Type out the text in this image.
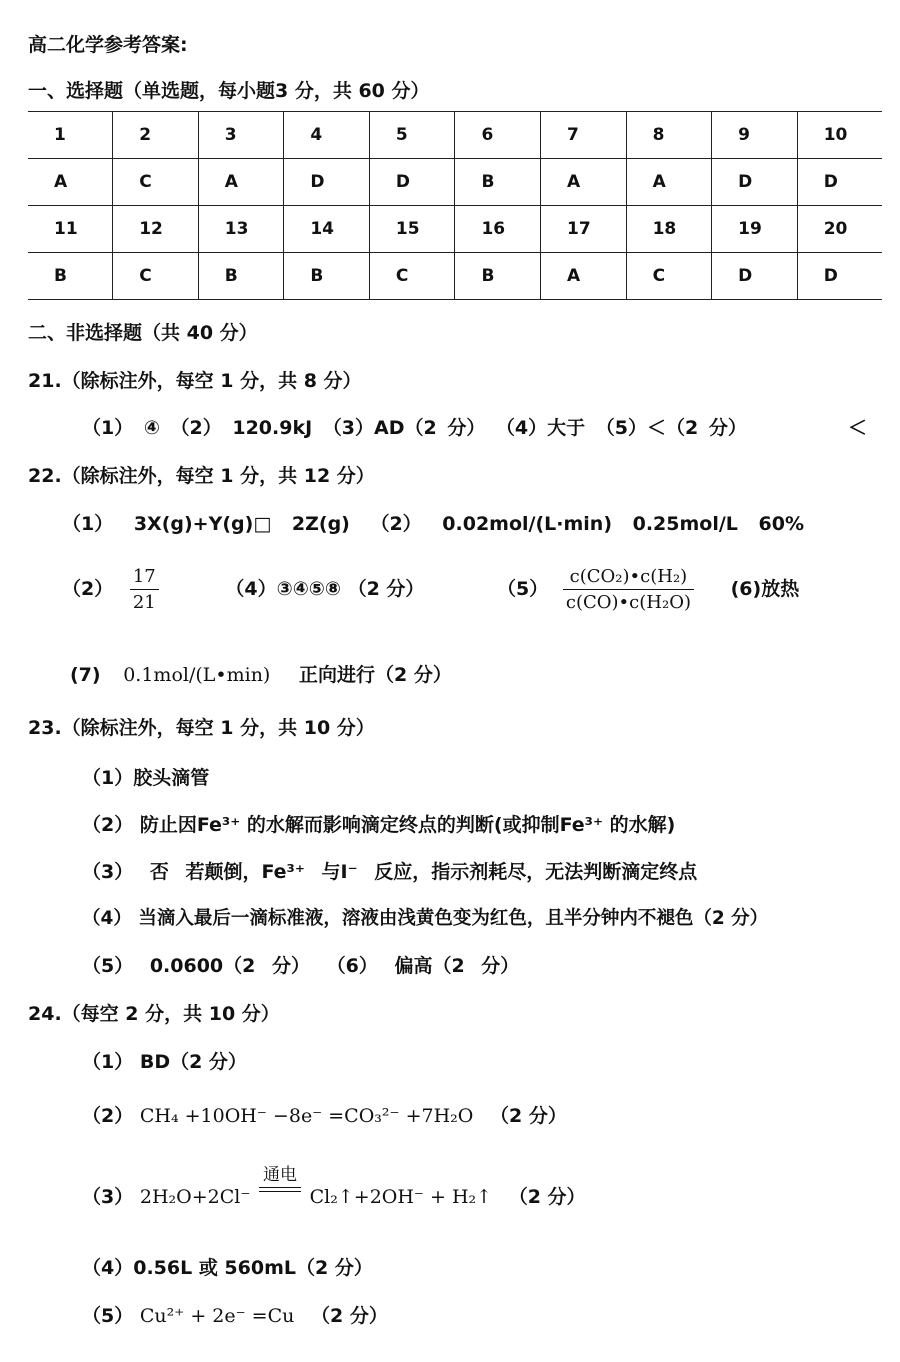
高二化学参考答案:
一、选择题（单选题，每小题3 分，共 60 分）
1	2	3	4	5	6	7	8	9	10
A	C	A	D	D	B	A	A	D	D
11	12	13	14	15	16	17	18	19	20
B	C	B	B	C	B	A	C	D	D
二、非选择题（共 40 分）
21.（除标注外，每空 1 分，共 8 分）
（1） ④ （2） 120.9kJ （3）AD（2 分） （4）大于 （5）＜（2 分）	＜
22.（除标注外，每空 1 分，共 12 分）
（1） 3X(g)+Y(g)□ 2Z(g) （2） 0.02mol/(L·min) 0.25mol/L 60%
$(2) \frac{17}{21}$	（4）③④⑤⑧ （2 分）	$(5) \frac{\text{c(CO₂)•c(H₂)}}{\text{c(CO)•c(H₂O)}} (6)$放热
(7) 0.1mol/(L•min) 正向进行（2 分）
23.（除标注外，每空 1 分，共 10 分）
（1）胶头滴管
（2） 防止因Fe³⁺ 的水解而影响滴定终点的判断(或抑制Fe³⁺ 的水解)
（3） 否 若颠倒，Fe³⁺ 与I⁻ 反应，指示剂耗尽，无法判断滴定终点
（4） 当滴入最后一滴标准液，溶液由浅黄色变为红色，且半分钟内不褪色（2 分）
（5） 0.0600（2 分） （6） 偏高（2 分）
24.（每空 2 分，共 10 分）
（1） BD（2 分）
（2） CH₄ +10OH⁻ −8e⁻ =CO₃²⁻ +7H₂O （2 分）
（3） 2H₂O+2Cl⁻
通电
Cl₂↑+2OH⁻ + H₂↑ （2 分）
（4）0.56L 或 560mL（2 分）
（5） Cu²⁺ + 2e⁻ =Cu （2 分）
